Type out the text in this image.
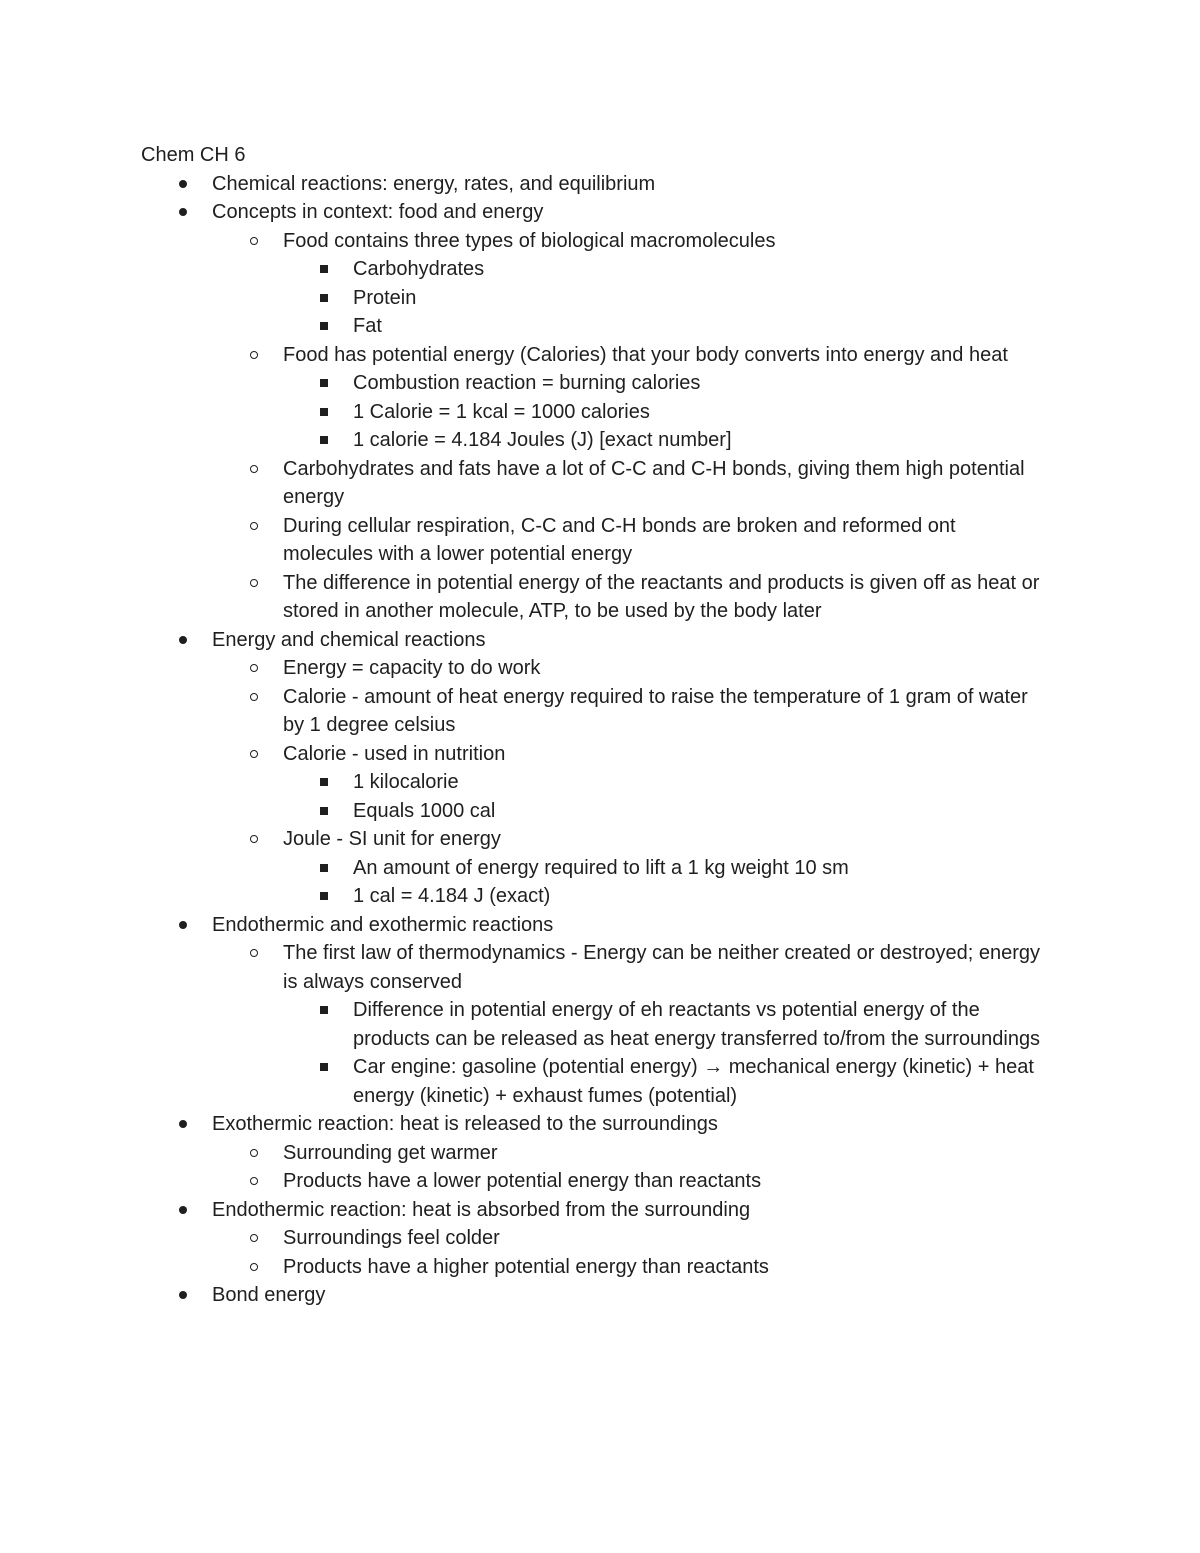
Chem CH 6
Chemical reactions: energy, rates, and equilibrium
Concepts in context: food and energy
Food contains three types of biological macromolecules
Carbohydrates
Protein
Fat
Food has potential energy (Calories) that your body converts into energy and heat
Combustion reaction = burning calories
1 Calorie = 1 kcal = 1000 calories
1 calorie = 4.184 Joules (J) [exact number]
Carbohydrates and fats have a lot of C-C and C-H bonds, giving them high potential energy
During cellular respiration, C-C and C-H bonds are broken and reformed ont molecules with a lower potential energy
The difference in potential energy of the reactants and products is given off as heat or stored in another molecule, ATP, to be used by the body later
Energy and chemical reactions
Energy = capacity to do work
Calorie - amount of heat energy required to raise the temperature of 1 gram of water by 1 degree celsius
Calorie - used in nutrition
1 kilocalorie
Equals 1000 cal
Joule - SI unit for energy
An amount of energy required to lift a 1 kg weight 10 sm
1 cal = 4.184 J (exact)
Endothermic and exothermic reactions
The first law of thermodynamics - Energy can be neither created or destroyed; energy is always conserved
Difference in potential energy of eh reactants vs potential energy of the products can be released as heat energy transferred to/from the surroundings
Car engine: gasoline (potential energy) → mechanical energy (kinetic) + heat energy (kinetic) + exhaust fumes (potential)
Exothermic reaction: heat is released to the surroundings
Surrounding get warmer
Products have a lower potential energy than reactants
Endothermic reaction: heat is absorbed from the surrounding
Surroundings feel colder
Products have a higher potential energy than reactants
Bond energy
